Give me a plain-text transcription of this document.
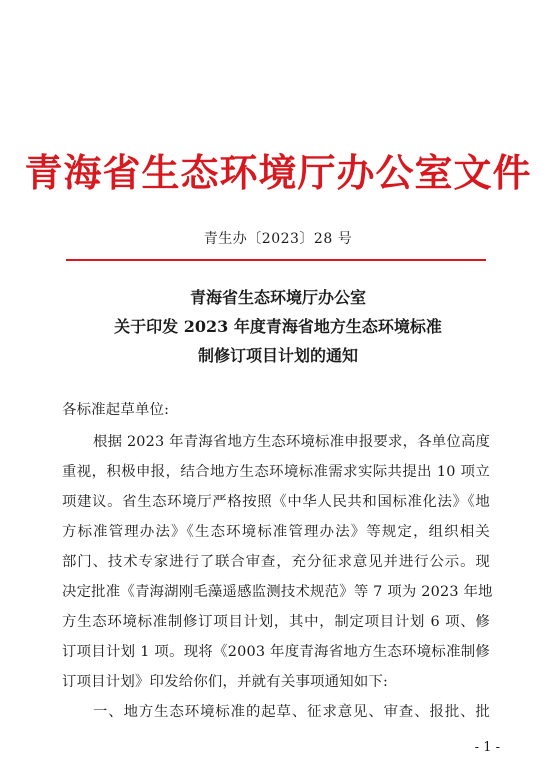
青海省生态环境厅办公室文件
青生办〔2023〕28 号
青海省生态环境厅办公室
关于印发 2023 年度青海省地方生态环境标准
制修订项目计划的通知
各标准起草单位:
根据 2023 年青海省地方生态环境标准申报要求，各单位高度
重视，积极申报，结合地方生态环境标准需求实际共提出 10 项立
项建议。省生态环境厅严格按照《中华人民共和国标准化法》《地
方标准管理办法》《生态环境标准管理办法》等规定，组织相关
部门、技术专家进行了联合审查，充分征求意见并进行公示。现
决定批准《青海湖刚毛藻遥感监测技术规范》等 7 项为 2023 年地
方生态环境标准制修订项目计划，其中，制定项目计划 6 项、修
订项目计划 1 项。现将《2003 年度青海省地方生态环境标准制修
订项目计划》印发给你们，并就有关事项通知如下:
一、地方生态环境标准的起草、征求意见、审查、报批、批
- 1 -
